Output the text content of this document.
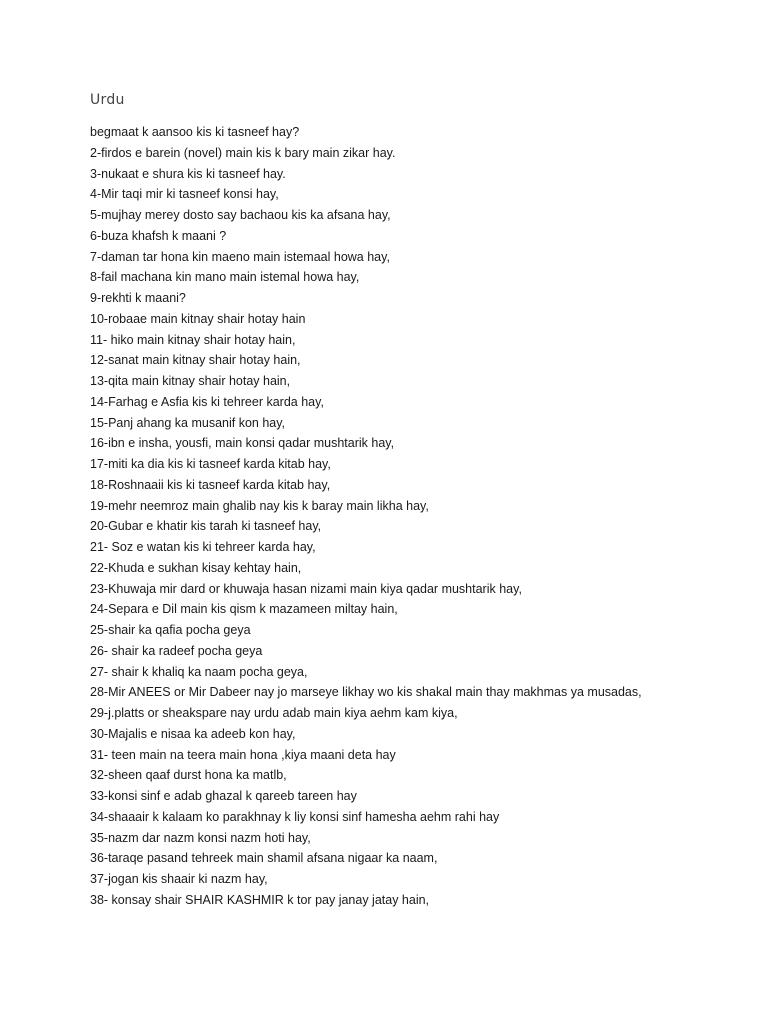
Urdu
begmaat k aansoo kis ki tasneef hay?
2-firdos e barein (novel) main kis k bary main zikar hay.
3-nukaat e shura kis ki tasneef hay.
4-Mir taqi mir ki tasneef konsi hay,
5-mujhay merey dosto say bachaou kis ka afsana hay,
6-buza khafsh k maani ?
7-daman tar hona kin maeno main istemaal howa hay,
8-fail machana kin mano main istemal howa hay,
9-rekhti k maani?
10-robaae main kitnay shair hotay hain
11- hiko main kitnay shair hotay hain,
12-sanat main kitnay shair hotay hain,
13-qita main kitnay shair hotay hain,
14-Farhag e Asfia kis ki tehreer karda hay,
15-Panj ahang ka musanif kon hay,
16-ibn e insha, yousfi, main konsi qadar mushtarik hay,
17-miti ka dia kis ki tasneef karda kitab hay,
18-Roshnaaii kis ki tasneef karda kitab hay,
19-mehr neemroz main ghalib nay kis k baray main likha hay,
20-Gubar e khatir kis tarah ki tasneef hay,
21- Soz e watan kis ki tehreer karda hay,
22-Khuda e sukhan kisay kehtay hain,
23-Khuwaja mir dard or khuwaja hasan nizami main kiya qadar mushtarik hay,
24-Separa e Dil main kis qism k mazameen miltay hain,
25-shair ka qafia pocha geya
26- shair ka radeef pocha geya
27- shair k khaliq ka naam pocha geya,
28-Mir ANEES or Mir Dabeer nay jo marseye likhay wo kis shakal main thay makhmas ya musadas,
29-j.platts or sheakspare nay urdu adab main kiya aehm kam kiya,
30-Majalis e nisaa ka adeeb kon hay,
31- teen main na teera main hona ,kiya maani deta hay
32-sheen qaaf durst hona ka matlb,
33-konsi sinf e adab ghazal k qareeb tareen hay
34-shaaair k kalaam ko parakhnay k liy konsi sinf hamesha aehm rahi hay
35-nazm dar nazm konsi nazm hoti hay,
36-taraqe pasand tehreek main shamil afsana nigaar ka naam,
37-jogan kis shaair ki nazm hay,
38- konsay shair SHAIR KASHMIR k tor pay janay jatay hain,
